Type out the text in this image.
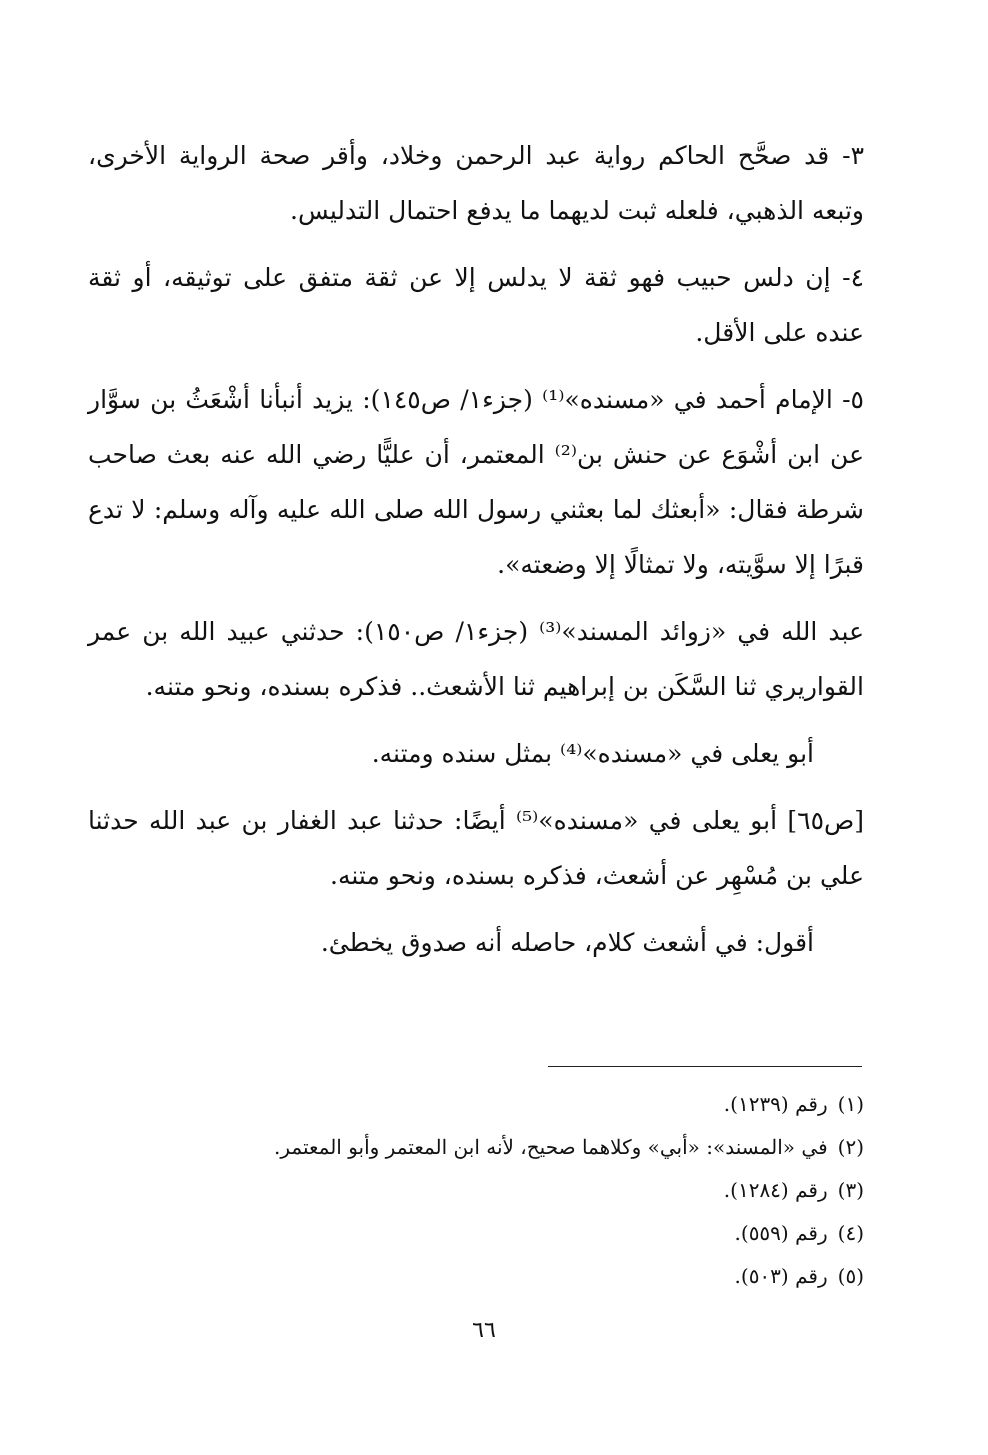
٣- قد صحَّح الحاكم رواية عبد الرحمن وخلاد، وأقر صحة الرواية الأخرى، وتبعه الذهبي، فلعله ثبت لديهما ما يدفع احتمال التدليس.

٤- إن دلس حبيب فهو ثقة لا يدلس إلا عن ثقة متفق على توثيقه، أو ثقة عنده على الأقل.

٥- الإمام أحمد في «مسنده»⁽¹⁾ (جزء١/ ص١٤٥): يزيد أنبأنا أشْعَثُ بن سوَّار عن ابن أشْوَع عن حنش بن⁽²⁾ المعتمر، أن عليًّا رضي الله عنه بعث صاحب شرطة فقال: «أبعثك لما بعثني رسول الله صلى الله عليه وآله وسلم: لا تدع قبرًا إلا سوَّيته، ولا تمثالًا إلا وضعته».

عبد الله في «زوائد المسند»⁽³⁾ (جزء١/ ص١٥٠): حدثني عبيد الله بن عمر القواريري ثنا السَّكَن بن إبراهيم ثنا الأشعث.. فذكره بسنده، ونحو متنه.

أبو يعلى في «مسنده»⁽⁴⁾ بمثل سنده ومتنه.

[ص٦٥] أبو يعلى في «مسنده»⁽⁵⁾ أيضًا: حدثنا عبد الغفار بن عبد الله حدثنا علي بن مُسْهِر عن أشعث، فذكره بسنده، ونحو متنه.

أقول: في أشعث كلام، حاصله أنه صدوق يخطئ.

(١)رقم (١٢٣٩).
(٢)في «المسند»: «أبي» وكلاهما صحيح، لأنه ابن المعتمر وأبو المعتمر.
(٣)رقم (١٢٨٤).
(٤)رقم (٥٥٩).
(٥)رقم (٥٠٣).
٦٦
